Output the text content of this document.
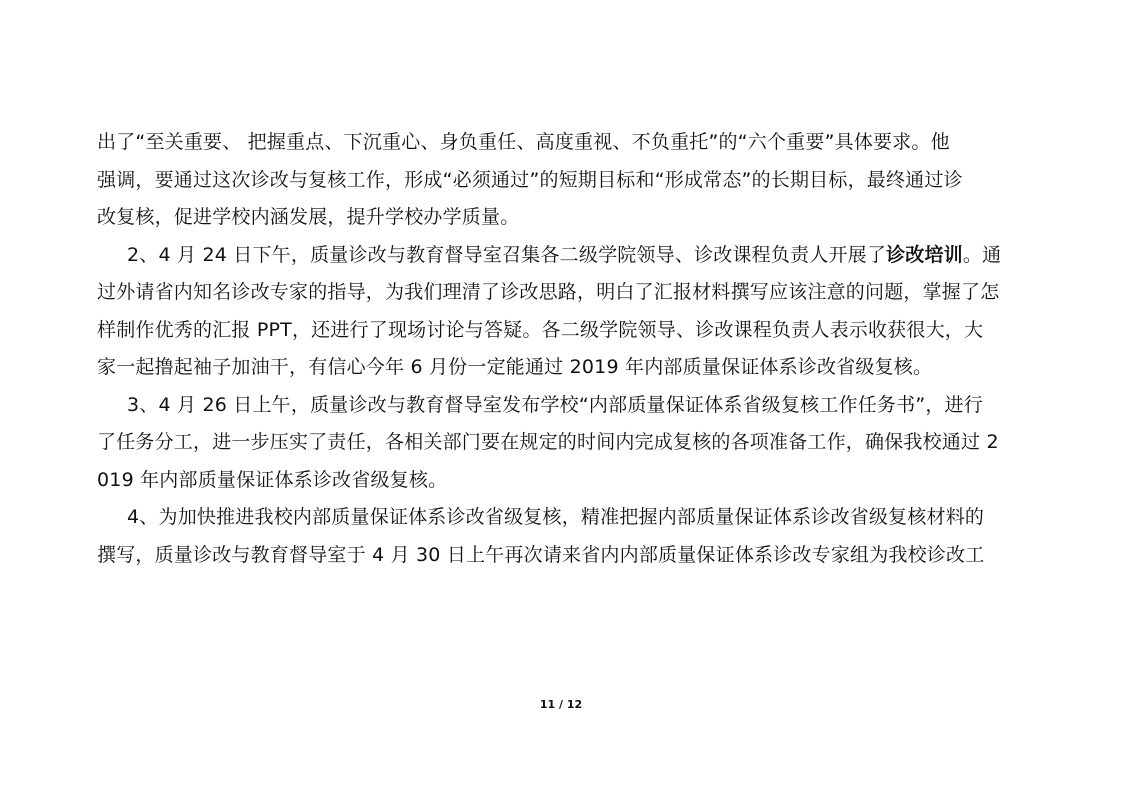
出了“至关重要、 把握重点、下沉重心、身负重任、高度重视、不负重托”的“六个重要”具体要求。他
强调，要通过这次诊改与复核工作，形成“必须通过”的短期目标和“形成常态”的长期目标，最终通过诊
改复核，促进学校内涵发展，提升学校办学质量。
2、4 月 24 日下午，质量诊改与教育督导室召集各二级学院领导、诊改课程负责人开展了诊改培训。通
过外请省内知名诊改专家的指导，为我们理清了诊改思路，明白了汇报材料撰写应该注意的问题，掌握了怎
样制作优秀的汇报 PPT，还进行了现场讨论与答疑。各二级学院领导、诊改课程负责人表示收获很大，大
家一起撸起袖子加油干，有信心今年 6 月份一定能通过 2019 年内部质量保证体系诊改省级复核。
3、4 月 26 日上午，质量诊改与教育督导室发布学校“内部质量保证体系省级复核工作任务书”，进行
了任务分工，进一步压实了责任，各相关部门要在规定的时间内完成复核的各项准备工作，确保我校通过 2
019 年内部质量保证体系诊改省级复核。
4、为加快推进我校内部质量保证体系诊改省级复核，精准把握内部质量保证体系诊改省级复核材料的
撰写，质量诊改与教育督导室于 4 月 30 日上午再次请来省内内部质量保证体系诊改专家组为我校诊改工
11 / 12
